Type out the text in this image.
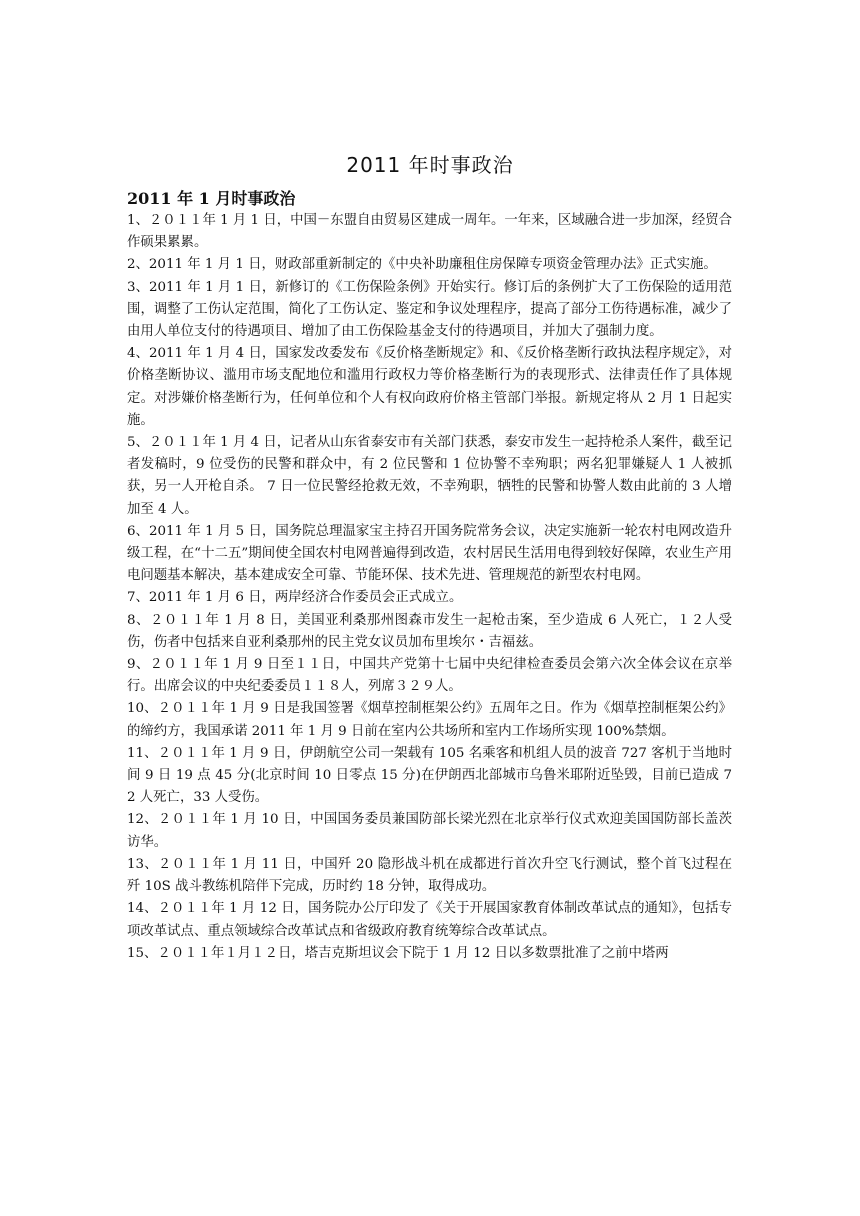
2011 年时事政治
2011 年 1 月时事政治

1、２０１１年 1 月 1 日，中国－东盟自由贸易区建成一周年。一年来，区域融合进一步加深，经贸合作硕果累累。

2、2011 年 1 月 1 日，财政部重新制定的《中央补助廉租住房保障专项资金管理办法》正式实施。

3、2011 年 1 月 1 日，新修订的《工伤保险条例》开始实行。修订后的条例扩大了工伤保险的适用范围，调整了工伤认定范围，简化了工伤认定、鉴定和争议处理程序，提高了部分工伤待遇标准，减少了由用人单位支付的待遇项目、增加了由工伤保险基金支付的待遇项目，并加大了强制力度。

4、2011 年 1 月 4 日，国家发改委发布《反价格垄断规定》和、《反价格垄断行政执法程序规定》，对价格垄断协议、滥用市场支配地位和滥用行政权力等价格垄断行为的表现形式、法律责任作了具体规定。对涉嫌价格垄断行为，任何单位和个人有权向政府价格主管部门举报。新规定将从 2 月 1 日起实施。

5、２０１１年 1 月 4 日，记者从山东省泰安市有关部门获悉，泰安市发生一起持枪杀人案件，截至记者发稿时，9 位受伤的民警和群众中，有 2 位民警和 1 位协警不幸殉职；两名犯罪嫌疑人 1 人被抓获，另一人开枪自杀。 7 日一位民警经抢救无效，不幸殉职，牺牲的民警和协警人数由此前的 3 人增加至 4 人。

6、2011 年 1 月 5 日，国务院总理温家宝主持召开国务院常务会议，决定实施新一轮农村电网改造升级工程，在“十二五”期间使全国农村电网普遍得到改造，农村居民生活用电得到较好保障，农业生产用电问题基本解决，基本建成安全可靠、节能环保、技术先进、管理规范的新型农村电网。

7、2011 年 1 月 6 日，两岸经济合作委员会正式成立。

8、２０１１年 1 月 8 日，美国亚利桑那州图森市发生一起枪击案，至少造成 6 人死亡，１２人受伤，伤者中包括来自亚利桑那州的民主党女议员加布里埃尔・吉福兹。

9、２０１１年 1 月 9 日至１１日，中国共产党第十七届中央纪律检查委员会第六次全体会议在京举行。出席会议的中央纪委委员１１８人，列席３２９人。

10、２０１１年 1 月 9 日是我国签署《烟草控制框架公约》五周年之日。作为《烟草控制框架公约》的缔约方，我国承诺 2011 年 1 月 9 日前在室内公共场所和室内工作场所实现 100%禁烟。

11、２０１１年 1 月 9 日，伊朗航空公司一架载有 105 名乘客和机组人员的波音 727 客机于当地时间 9 日 19 点 45 分(北京时间 10 日零点 15 分)在伊朗西北部城市乌鲁米耶附近坠毁，目前已造成 72 人死亡，33 人受伤。

12、２０１１年 1 月 10 日，中国国务委员兼国防部长梁光烈在北京举行仪式欢迎美国国防部长盖茨访华。

13、２０１１年 1 月 11 日，中国歼 20 隐形战斗机在成都进行首次升空飞行测试，整个首飞过程在歼 10S 战斗教练机陪伴下完成，历时约 18 分钟，取得成功。

14、２０１１年 1 月 12 日，国务院办公厅印发了《关于开展国家教育体制改革试点的通知》，包括专项改革试点、重点领域综合改革试点和省级政府教育统筹综合改革试点。

15、２０１１年１月１２日，塔吉克斯坦议会下院于 1 月 12 日以多数票批准了之前中塔两
